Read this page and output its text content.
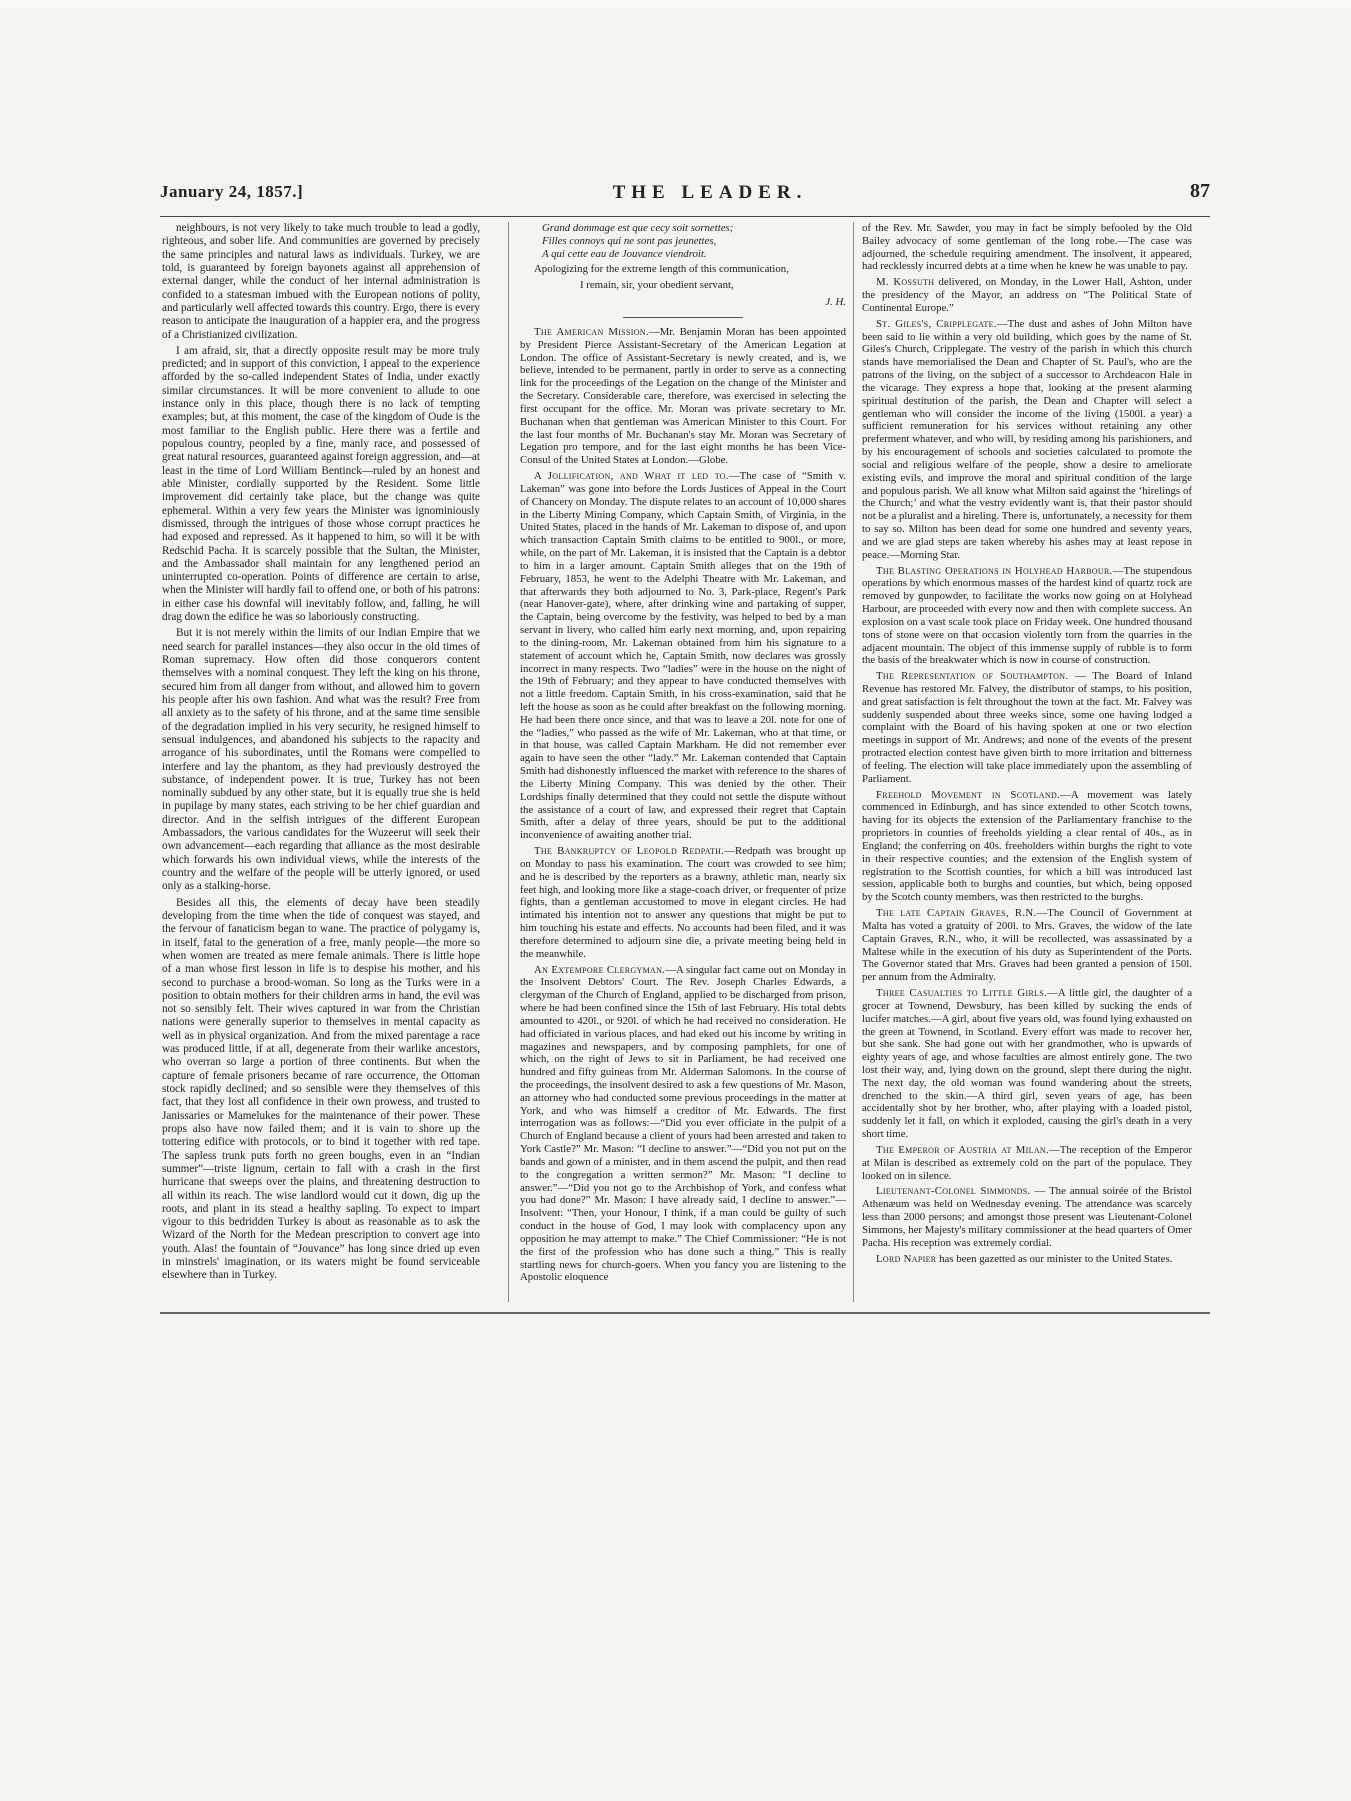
January 24, 1857.]	THE LEADER.	87

neighbours, is not very likely to take much trouble to lead a godly, righteous, and sober life. And communities are governed by precisely the same principles and natural laws as individuals. Turkey, we are told, is guaranteed by foreign bayonets against all apprehension of external danger, while the conduct of her internal administration is confided to a statesman imbued with the European notions of polity, and particularly well affected towards this country. Ergo, there is every reason to anticipate the inauguration of a happier era, and the progress of a Christianized civilization.

I am afraid, sir, that a directly opposite result may be more truly predicted; and in support of this conviction, I appeal to the experience afforded by the so-called independent States of India, under exactly similar circumstances. It will be more convenient to allude to one instance only in this place, though there is no lack of tempting examples; but, at this moment, the case of the kingdom of Oude is the most familiar to the English public. Here there was a fertile and populous country, peopled by a fine, manly race, and possessed of great natural resources, guaranteed against foreign aggression, and—at least in the time of Lord William Bentinck—ruled by an honest and able Minister, cordially supported by the Resident. Some little improvement did certainly take place, but the change was quite ephemeral. Within a very few years the Minister was ignominiously dismissed, through the intrigues of those whose corrupt practices he had exposed and repressed. As it happened to him, so will it be with Redschid Pacha. It is scarcely possible that the Sultan, the Minister, and the Ambassador shall maintain for any lengthened period an uninterrupted co-operation. Points of difference are certain to arise, when the Minister will hardly fail to offend one, or both of his patrons: in either case his downfal will inevitably follow, and, falling, he will drag down the edifice he was so laboriously constructing.

But it is not merely within the limits of our Indian Empire that we need search for parallel instances—they also occur in the old times of Roman supremacy. How often did those conquerors content themselves with a nominal conquest. They left the king on his throne, secured him from all danger from without, and allowed him to govern his people after his own fashion. And what was the result? Free from all anxiety as to the safety of his throne, and at the same time sensible of the degradation implied in his very security, he resigned himself to sensual indulgences, and abandoned his subjects to the rapacity and arrogance of his subordinates, until the Romans were compelled to interfere and lay the phantom, as they had previously destroyed the substance, of independent power. It is true, Turkey has not been nominally subdued by any other state, but it is equally true she is held in pupilage by many states, each striving to be her chief guardian and director. And in the selfish intrigues of the different European Ambassadors, the various candidates for the Wuzeerut will seek their own advancement—each regarding that alliance as the most desirable which forwards his own individual views, while the interests of the country and the welfare of the people will be utterly ignored, or used only as a stalking-horse.

Besides all this, the elements of decay have been steadily developing from the time when the tide of conquest was stayed, and the fervour of fanaticism began to wane. The practice of polygamy is, in itself, fatal to the generation of a free, manly people—the more so when women are treated as mere female animals. There is little hope of a man whose first lesson in life is to despise his mother, and his second to purchase a brood-woman. So long as the Turks were in a position to obtain mothers for their children arms in hand, the evil was not so sensibly felt. Their wives captured in war from the Christian nations were generally superior to themselves in mental capacity as well as in physical organization. And from the mixed parentage a race was produced little, if at all, degenerate from their warlike ancestors, who overran so large a portion of three continents. But when the capture of female prisoners became of rare occurrence, the Ottoman stock rapidly declined; and so sensible were they themselves of this fact, that they lost all confidence in their own prowess, and trusted to Janissaries or Mamelukes for the maintenance of their power. These props also have now failed them; and it is vain to shore up the tottering edifice with protocols, or to bind it together with red tape. The sapless trunk puts forth no green boughs, even in an “Indian summer”—triste lignum, certain to fall with a crash in the first hurricane that sweeps over the plains, and threatening destruction to all within its reach. The wise landlord would cut it down, dig up the roots, and plant in its stead a healthy sapling. To expect to impart vigour to this bedridden Turkey is about as reasonable as to ask the Wizard of the North for the Medean prescription to convert age into youth. Alas! the fountain of “Jouvance” has long since dried up even in minstrels' imagination, or its waters might be found serviceable elsewhere than in Turkey.

Grand dommage est que cecy soit sornettes;

Filles connoys qui ne sont pas jeunettes,

A qui cette eau de Jouvance viendroit.

Apologizing for the extreme length of this communication,

I remain, sir, your obedient servant,

J. H.

The American Mission.—Mr. Benjamin Moran has been appointed by President Pierce Assistant-Secretary of the American Legation at London. The office of Assistant-Secretary is newly created, and is, we believe, intended to be permanent, partly in order to serve as a connecting link for the proceedings of the Legation on the change of the Minister and the Secretary. Considerable care, therefore, was exercised in selecting the first occupant for the office. Mr. Moran was private secretary to Mr. Buchanan when that gentleman was American Minister to this Court. For the last four months of Mr. Buchanan's stay Mr. Moran was Secretary of Legation pro tempore, and for the last eight months he has been Vice-Consul of the United States at London.—Globe.

A Jollification, and What it led to.—The case of “Smith v. Lakeman” was gone into before the Lords Justices of Appeal in the Court of Chancery on Monday. The dispute relates to an account of 10,000 shares in the Liberty Mining Company, which Captain Smith, of Virginia, in the United States, placed in the hands of Mr. Lakeman to dispose of, and upon which transaction Captain Smith claims to be entitled to 900l., or more, while, on the part of Mr. Lakeman, it is insisted that the Captain is a debtor to him in a larger amount. Captain Smith alleges that on the 19th of February, 1853, he went to the Adelphi Theatre with Mr. Lakeman, and that afterwards they both adjourned to No. 3, Park-place, Regent's Park (near Hanover-gate), where, after drinking wine and partaking of supper, the Captain, being overcome by the festivity, was helped to bed by a man servant in livery, who called him early next morning, and, upon repairing to the dining-room, Mr. Lakeman obtained from him his signature to a statement of account which he, Captain Smith, now declares was grossly incorrect in many respects. Two “ladies” were in the house on the night of the 19th of February; and they appear to have conducted themselves with not a little freedom. Captain Smith, in his cross-examination, said that he left the house as soon as he could after breakfast on the following morning. He had been there once since, and that was to leave a 20l. note for one of the “ladies,” who passed as the wife of Mr. Lakeman, who at that time, or in that house, was called Captain Markham. He did not remember ever again to have seen the other “lady.” Mr. Lakeman contended that Captain Smith had dishonestly influenced the market with reference to the shares of the Liberty Mining Company. This was denied by the other. Their Lordships finally determined that they could not settle the dispute without the assistance of a court of law, and expressed their regret that Captain Smith, after a delay of three years, should be put to the additional inconvenience of awaiting another trial.

The Bankruptcy of Leopold Redpath.—Redpath was brought up on Monday to pass his examination. The court was crowded to see him; and he is described by the reporters as a brawny, athletic man, nearly six feet high, and looking more like a stage-coach driver, or frequenter of prize fights, than a gentleman accustomed to move in elegant circles. He had intimated his intention not to answer any questions that might be put to him touching his estate and effects. No accounts had been filed, and it was therefore determined to adjourn sine die, a private meeting being held in the meanwhile.

An Extempore Clergyman.—A singular fact came out on Monday in the Insolvent Debtors' Court. The Rev. Joseph Charles Edwards, a clergyman of the Church of England, applied to be discharged from prison, where he had been confined since the 15th of last February. His total debts amounted to 420l., or 920l. of which he had received no consideration. He had officiated in various places, and had eked out his income by writing in magazines and newspapers, and by composing pamphlets, for one of which, on the right of Jews to sit in Parliament, he had received one hundred and fifty guineas from Mr. Alderman Salomons. In the course of the proceedings, the insolvent desired to ask a few questions of Mr. Mason, an attorney who had conducted some previous proceedings in the matter at York, and who was himself a creditor of Mr. Edwards. The first interrogation was as follows:—“Did you ever officiate in the pulpit of a Church of England because a client of yours had been arrested and taken to York Castle?” Mr. Mason: “I decline to answer.”—“Did you not put on the bands and gown of a minister, and in them ascend the pulpit, and then read to the congregation a written sermon?” Mr. Mason: “I decline to answer.”—“Did you not go to the Archbishop of York, and confess what you had done?” Mr. Mason: I have already said, I decline to answer.”—Insolvent: “Then, your Honour, I think, if a man could be guilty of such conduct in the house of God, I may look with complacency upon any opposition he may attempt to make.” The Chief Commissioner: “He is not the first of the profession who has done such a thing.” This is really startling news for church-goers. When you fancy you are listening to the Apostolic eloquence

of the Rev. Mr. Sawder, you may in fact be simply befooled by the Old Bailey advocacy of some gentleman of the long robe.—The case was adjourned, the schedule requiring amendment. The insolvent, it appeared, had recklessly incurred debts at a time when he knew he was unable to pay.

M. Kossuth delivered, on Monday, in the Lower Hall, Ashton, under the presidency of the Mayor, an address on “The Political State of Continental Europe.”

St. Giles's, Cripplegate.—The dust and ashes of John Milton have been said to lie within a very old building, which goes by the name of St. Giles's Church, Cripplegate. The vestry of the parish in which this church stands have memorialised the Dean and Chapter of St. Paul's, who are the patrons of the living, on the subject of a successor to Archdeacon Hale in the vicarage. They express a hope that, looking at the present alarming spiritual destitution of the parish, the Dean and Chapter will select a gentleman who will consider the income of the living (1500l. a year) a sufficient remuneration for his services without retaining any other preferment whatever, and who will, by residing among his parishioners, and by his encouragement of schools and societies calculated to promote the social and religious welfare of the people, show a desire to ameliorate existing evils, and improve the moral and spiritual condition of the large and populous parish. We all know what Milton said against the ‘hirelings of the Church;’ and what the vestry evidently want is, that their pastor should not be a pluralist and a hireling. There is, unfortunately, a necessity for them to say so. Milton has been dead for some one hundred and seventy years, and we are glad steps are taken whereby his ashes may at least repose in peace.—Morning Star.

The Blasting Operations in Holyhead Harbour.—The stupendous operations by which enormous masses of the hardest kind of quartz rock are removed by gunpowder, to facilitate the works now going on at Holyhead Harbour, are proceeded with every now and then with complete success. An explosion on a vast scale took place on Friday week. One hundred thousand tons of stone were on that occasion violently torn from the quarries in the adjacent mountain. The object of this immense supply of rubble is to form the basis of the breakwater which is now in course of construction.

The Representation of Southampton. — The Board of Inland Revenue has restored Mr. Falvey, the distributor of stamps, to his position, and great satisfaction is felt throughout the town at the fact. Mr. Falvey was suddenly suspended about three weeks since, some one having lodged a complaint with the Board of his having spoken at one or two election meetings in support of Mr. Andrews; and none of the events of the present protracted election contest have given birth to more irritation and bitterness of feeling. The election will take place immediately upon the assembling of Parliament.

Freehold Movement in Scotland.—A movement was lately commenced in Edinburgh, and has since extended to other Scotch towns, having for its objects the extension of the Parliamentary franchise to the proprietors in counties of freeholds yielding a clear rental of 40s., as in England; the conferring on 40s. freeholders within burghs the right to vote in their respective counties; and the extension of the English system of registration to the Scottish counties, for which a bill was introduced last session, applicable both to burghs and counties, but which, being opposed by the Scotch county members, was then restricted to the burghs.

The late Captain Graves, R.N.—The Council of Government at Malta has voted a gratuity of 200l. to Mrs. Graves, the widow of the late Captain Graves, R.N., who, it will be recollected, was assassinated by a Maltese while in the execution of his duty as Superintendent of the Ports. The Governor stated that Mrs. Graves had been granted a pension of 150l. per annum from the Admiralty.

Three Casualties to Little Girls.—A little girl, the daughter of a grocer at Townend, Dewsbury, has been killed by sucking the ends of lucifer matches.—A girl, about five years old, was found lying exhausted on the green at Townend, in Scotland. Every effort was made to recover her, but she sank. She had gone out with her grandmother, who is upwards of eighty years of age, and whose faculties are almost entirely gone. The two lost their way, and, lying down on the ground, slept there during the night. The next day, the old woman was found wandering about the streets, drenched to the skin.—A third girl, seven years of age, has been accidentally shot by her brother, who, after playing with a loaded pistol, suddenly let it fall, on which it exploded, causing the girl's death in a very short time.

The Emperor of Austria at Milan.—The reception of the Emperor at Milan is described as extremely cold on the part of the populace. They looked on in silence.

Lieutenant-Colonel Simmonds. — The annual soirée of the Bristol Athenæum was held on Wednesday evening. The attendance was scarcely less than 2000 persons; and amongst those present was Lieutenant-Colonel Simmons, her Majesty's military commissioner at the head quarters of Omer Pacha. His reception was extremely cordial.

Lord Napier has been gazetted as our minister to the United States.
